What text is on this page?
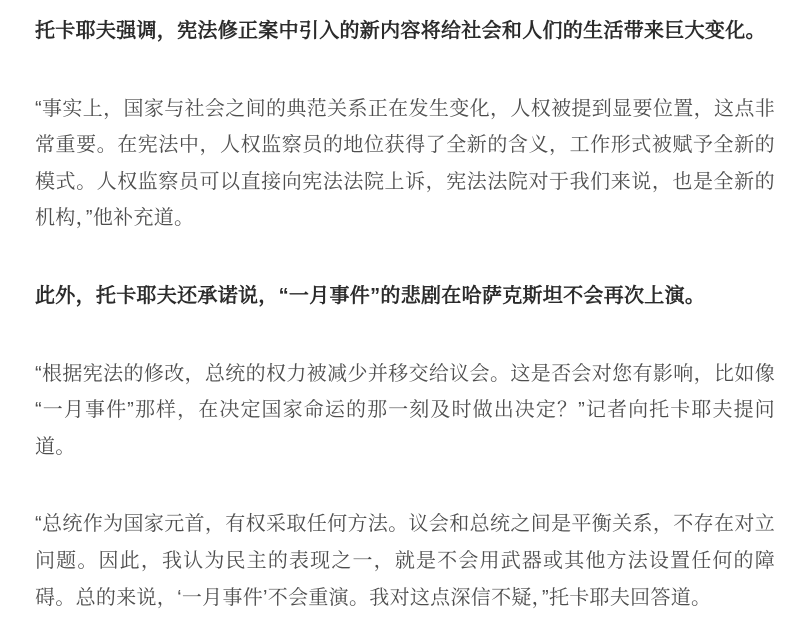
托卡耶夫强调，宪法修正案中引入的新内容将给社会和人们的生活带来巨大变化。

“事实上，国家与社会之间的典范关系正在发生变化，人权被提到显要位置，这点非常重要。在宪法中，人权监察员的地位获得了全新的含义，工作形式被赋予全新的模式。人权监察员可以直接向宪法法院上诉，宪法法院对于我们来说，也是全新的机构，”他补充道。

此外，托卡耶夫还承诺说，“一月事件”的悲剧在哈萨克斯坦不会再次上演。

“根据宪法的修改，总统的权力被减少并移交给议会。这是否会对您有影响，比如像“一月事件”那样，在决定国家命运的那一刻及时做出决定？”记者向托卡耶夫提问道。

“总统作为国家元首，有权采取任何方法。议会和总统之间是平衡关系，不存在对立问题。因此，我认为民主的表现之一，就是不会用武器或其他方法设置任何的障碍。总的来说，‘一月事件’不会重演。我对这点深信不疑，”托卡耶夫回答道。
